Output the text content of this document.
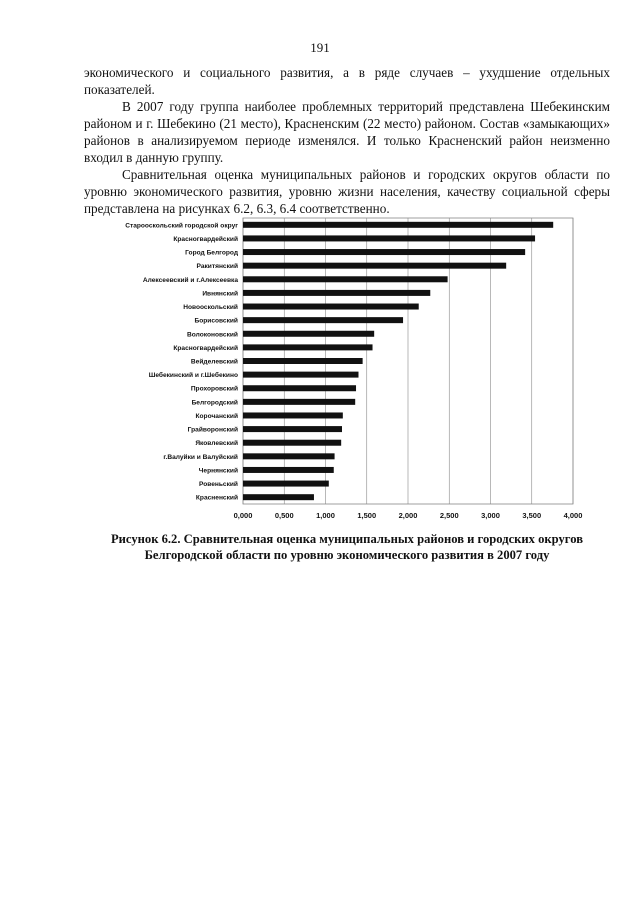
191

экономического и социального развития, а в ряде случаев – ухудшение отдельных показателей.

В 2007 году группа наиболее проблемных территорий представлена Шебекинским районом и г. Шебекино (21 место), Красненским (22 место) районом. Состав «замыкающих» районов в анализируемом периоде изменялся. И только Красненский район неизменно входил в данную группу.

Сравнительная оценка муниципальных районов и городских округов области по уровню экономического развития, уровню жизни населения, качеству социальной сферы представлена на рисунках 6.2, 6.3, 6.4 соответственно.

0,000	0,500	1,000	1,500	2,000	2,500	3,000	3,500	4,000
Старооскольский городской округ
Красногвардейский
Город Белгород
Ракитянский
Алексеевский и г.Алексеевка
Ивнянский
Новооскольский
Борисовский
Волоконовский
Красногвардейский
Вейделевский
Шебекинский и г.Шебекино
Прохоровский
Белгородский
Корочанский
Грайворонский
Яковлевский
г.Валуйки и Валуйский
Чернянский
Ровеньский
Красненский
Рисунок 6.2. Сравнительная оценка муниципальных районов и городских округов
Белгородской области по уровню экономического развития в 2007 году
